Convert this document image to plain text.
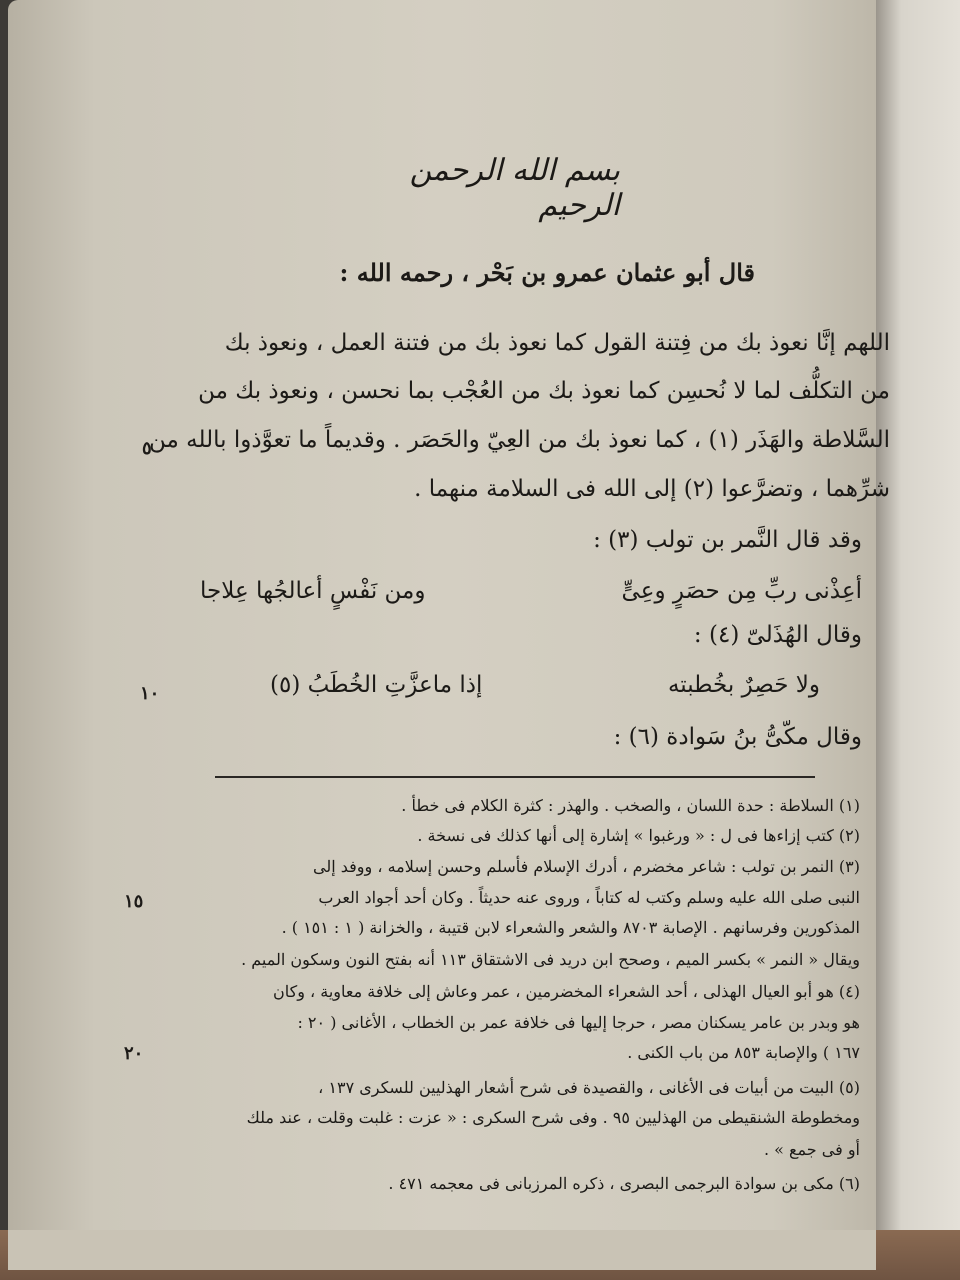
بسم الله الرحمن الرحيم
قال أبو عثمان عمرو بن بَحْر ، رحمه الله :
اللهم إنَّا نعوذ بك من فِتنة القول كما نعوذ بك من فتنة العمل ، ونعوذ بك
من التكلُّف لما لا نُحسِن كما نعوذ بك من العُجْب بما نحسن ، ونعوذ بك من
السَّلاطة والهَذَر (١) ، كما نعوذ بك من العِيّ والحَصَر . وقديماً ما تعوَّذوا بالله من
شرِّهما ، وتضرَّعوا (٢) إلى الله فى السلامة منهما .
وقد قال النَّمر بن تولب (٣) :
أعِذْنى ربِّ مِن حصَرٍ وعِىٍّ
ومن نَفْسٍ أعالجُها عِلاجا
وقال الهُذَلىّ (٤) :
ولا حَصِرٌ بخُطبته
إذا ماعزَّتِ الخُطَبُ (٥)
وقال مكّىُّ بنُ سَوادة (٦) :
٥
١٠
١٥
٢٠
(١) السلاطة : حدة اللسان ، والصخب . والهذر : كثرة الكلام فى خطأ .
(٢) كتب إزاءها فى ل : « ورغبوا » إشارة إلى أنها كذلك فى نسخة .
(٣) النمر بن تولب : شاعر مخضرم ، أدرك الإسلام فأسلم وحسن إسلامه ، ووفد إلى
النبى صلى الله عليه وسلم وكتب له كتاباً ، وروى عنه حديثاً . وكان أحد أجواد العرب
المذكورين وفرسانهم . الإصابة ٨٧٠٣ والشعر والشعراء لابن قتيبة ، والخزانة ( ١ : ١٥١ ) .
ويقال « النمر » بكسر الميم ، وصحح ابن دريد فى الاشتقاق ١١٣ أنه بفتح النون وسكون الميم .
(٤) هو أبو العيال الهذلى ، أحد الشعراء المخضرمين ، عمر وعاش إلى خلافة معاوية ، وكان
هو وبدر بن عامر يسكنان مصر ، حرجا إليها فى خلافة عمر بن الخطاب ، الأغانى ( ٢٠ :
١٦٧ ) والإصابة ٨٥٣ من باب الكنى .
(٥) البيت من أبيات فى الأغانى ، والقصيدة فى شرح أشعار الهذليين للسكرى ١٣٧ ،
ومخطوطة الشنقيطى من الهذليين ٩٥ . وفى شرح السكرى : « عزت : غلبت وقلت ، عند ملك
أو فى جمع » .
(٦) مكى بن سوادة البرجمى البصرى ، ذكره المرزبانى فى معجمه ٤٧١ .
